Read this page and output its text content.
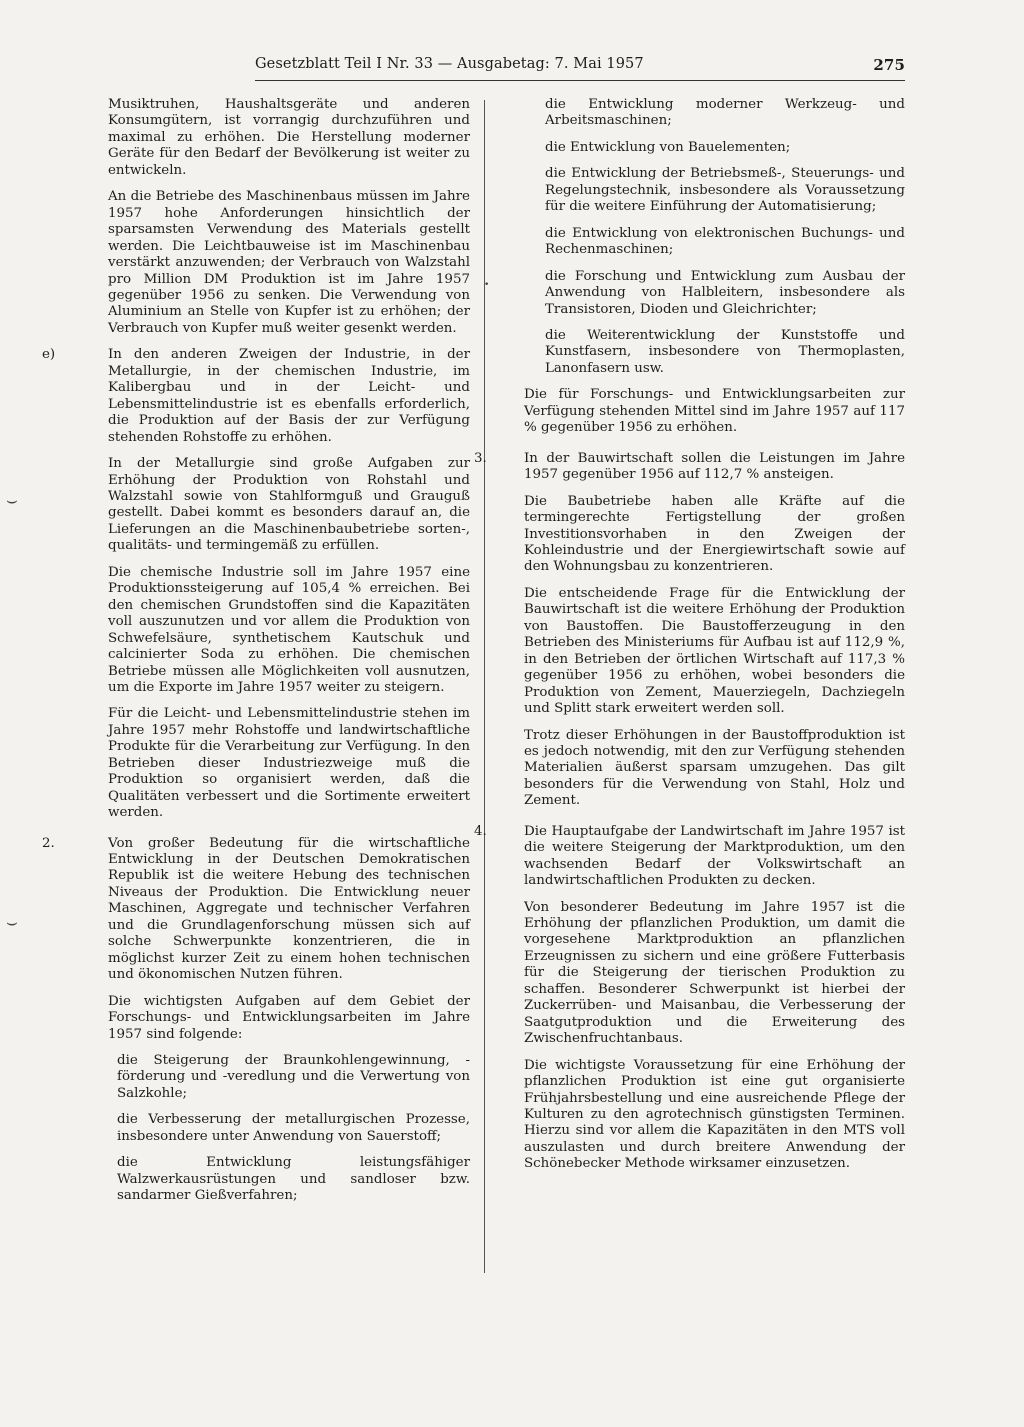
Gesetzblatt Teil I Nr. 33 — Ausgabetag: 7. Mai 1957	275
⌣
⌣
•

Musiktruhen, Haushaltsgeräte und anderen Konsumgütern, ist vorrangig durchzuführen und maximal zu erhöhen. Die Herstellung moderner Geräte für den Bedarf der Bevölkerung ist weiter zu entwickeln.

An die Betriebe des Maschinenbaus müssen im Jahre 1957 hohe Anforderungen hinsichtlich der sparsamsten Verwendung des Materials gestellt werden. Die Leichtbauweise ist im Maschinenbau verstärkt anzuwenden; der Verbrauch von Walzstahl pro Million DM Produktion ist im Jahre 1957 gegenüber 1956 zu senken. Die Verwendung von Aluminium an Stelle von Kupfer ist zu erhöhen; der Verbrauch von Kupfer muß weiter gesenkt werden.

e)	In den anderen Zweigen der Industrie, in der Metallurgie, in der chemischen Industrie, im Kalibergbau und in der Leicht- und Lebensmittelindustrie ist es ebenfalls erforderlich, die Produktion auf der Basis der zur Verfügung stehenden Rohstoffe zu erhöhen.

In der Metallurgie sind große Aufgaben zur Erhöhung der Produktion von Rohstahl und Walzstahl sowie von Stahlformguß und Grauguß gestellt. Dabei kommt es besonders darauf an, die Lieferungen an die Maschinenbaubetriebe sorten-, qualitäts- und termingemäß zu erfüllen.

Die chemische Industrie soll im Jahre 1957 eine Produktionssteigerung auf 105,4 % erreichen. Bei den chemischen Grundstoffen sind die Kapazitäten voll auszunutzen und vor allem die Produktion von Schwefelsäure, synthetischem Kautschuk und calcinierter Soda zu erhöhen. Die chemischen Betriebe müssen alle Möglichkeiten voll ausnutzen, um die Exporte im Jahre 1957 weiter zu steigern.

Für die Leicht- und Lebensmittelindustrie stehen im Jahre 1957 mehr Rohstoffe und landwirtschaftliche Produkte für die Verarbeitung zur Verfügung. In den Betrieben dieser Industriezweige muß die Produktion so organisiert werden, daß die Qualitäten verbessert und die Sortimente erweitert werden.

2.	Von großer Bedeutung für die wirtschaftliche Entwicklung in der Deutschen Demokratischen Republik ist die weitere Hebung des technischen Niveaus der Produktion. Die Entwicklung neuer Maschinen, Aggregate und technischer Verfahren und die Grundlagenforschung müssen sich auf solche Schwerpunkte konzentrieren, die in möglichst kurzer Zeit zu einem hohen technischen und ökonomischen Nutzen führen.

Die wichtigsten Aufgaben auf dem Gebiet der Forschungs- und Entwicklungsarbeiten im Jahre 1957 sind folgende:

die Steigerung der Braunkohlengewinnung, -förderung und -veredlung und die Verwertung von Salzkohle;

die Verbesserung der metallurgischen Prozesse, insbesondere unter Anwendung von Sauerstoff;

die Entwicklung leistungsfähiger Walzwerkausrüstungen und sandloser bzw. sandarmer Gießverfahren;

die Entwicklung moderner Werkzeug- und Arbeitsmaschinen;

die Entwicklung von Bauelementen;

die Entwicklung der Betriebsmeß-, Steuerungs- und Regelungstechnik, insbesondere als Voraussetzung für die weitere Einführung der Automatisierung;

die Entwicklung von elektronischen Buchungs- und Rechenmaschinen;

die Forschung und Entwicklung zum Ausbau der Anwendung von Halbleitern, insbesondere als Transistoren, Dioden und Gleichrichter;

die Weiterentwicklung der Kunststoffe und Kunstfasern, insbesondere von Thermoplasten, Lanonfasern usw.

Die für Forschungs- und Entwicklungsarbeiten zur Verfügung stehenden Mittel sind im Jahre 1957 auf 117 % gegenüber 1956 zu erhöhen.

3.	In der Bauwirtschaft sollen die Leistungen im Jahre 1957 gegenüber 1956 auf 112,7 % ansteigen.

Die Baubetriebe haben alle Kräfte auf die termingerechte Fertigstellung der großen Investitionsvorhaben in den Zweigen der Kohleindustrie und der Energiewirtschaft sowie auf den Wohnungsbau zu konzentrieren.

Die entscheidende Frage für die Entwicklung der Bauwirtschaft ist die weitere Erhöhung der Produktion von Baustoffen. Die Baustofferzeugung in den Betrieben des Ministeriums für Aufbau ist auf 112,9 %, in den Betrieben der örtlichen Wirtschaft auf 117,3 % gegenüber 1956 zu erhöhen, wobei besonders die Produktion von Zement, Mauerziegeln, Dachziegeln und Splitt stark erweitert werden soll.

Trotz dieser Erhöhungen in der Baustoffproduktion ist es jedoch notwendig, mit den zur Verfügung stehenden Materialien äußerst sparsam umzugehen. Das gilt besonders für die Verwendung von Stahl, Holz und Zement.

4.	Die Hauptaufgabe der Landwirtschaft im Jahre 1957 ist die weitere Steigerung der Marktproduktion, um den wachsenden Bedarf der Volkswirtschaft an landwirtschaftlichen Produkten zu decken.

Von besonderer Bedeutung im Jahre 1957 ist die Erhöhung der pflanzlichen Produktion, um damit die vorgesehene Marktproduktion an pflanzlichen Erzeugnissen zu sichern und eine größere Futterbasis für die Steigerung der tierischen Produktion zu schaffen. Besonderer Schwerpunkt ist hierbei der Zuckerrüben- und Maisanbau, die Verbesserung der Saatgutproduktion und die Erweiterung des Zwischenfruchtanbaus.

Die wichtigste Voraussetzung für eine Erhöhung der pflanzlichen Produktion ist eine gut organisierte Frühjahrsbestellung und eine ausreichende Pflege der Kulturen zu den agrotechnisch günstigsten Terminen. Hierzu sind vor allem die Kapazitäten in den MTS voll auszulasten und durch breitere Anwendung der Schönebecker Methode wirksamer einzusetzen.
